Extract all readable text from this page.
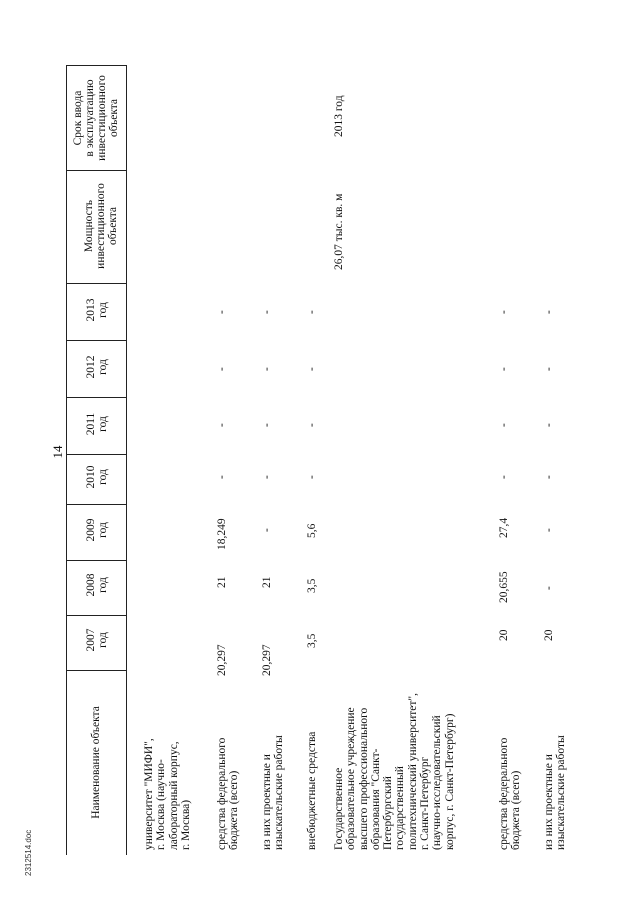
14
2312514.doc
Срок ввода в эксплуатацию инвестиционного объекта
Мощность инвестиционного объекта
2013 год
2012 год
2011 год
2010 год
2009 год
2008 год
2007 год
Наименование объекта	университет "МИФИ", г. Москва (научно- лабораторный корпус, г. Москва) средства федерального бюджета (всего)
20,297
21
18,249
-
-
-
-
из них проектные и изыскательские работы
20,297
21
-
-
-
-
-
внебюджетные средства
3,5
3,5
5,6
-
-
-
-
Государственное образовательное учреждение высшего профессионального образования "Санкт- Петербургский государственный политехнический университет", г. Санкт-Петербург (научно-исследовательский корпус, г. Санкт-Петербург)
26,07 тыс. кв. м
2013 год
средства федерального бюджета (всего)
20
20,655
27,4
-
-
-
-
из них проектные и изыскательские работы
20
-
-
-
-
-
-
